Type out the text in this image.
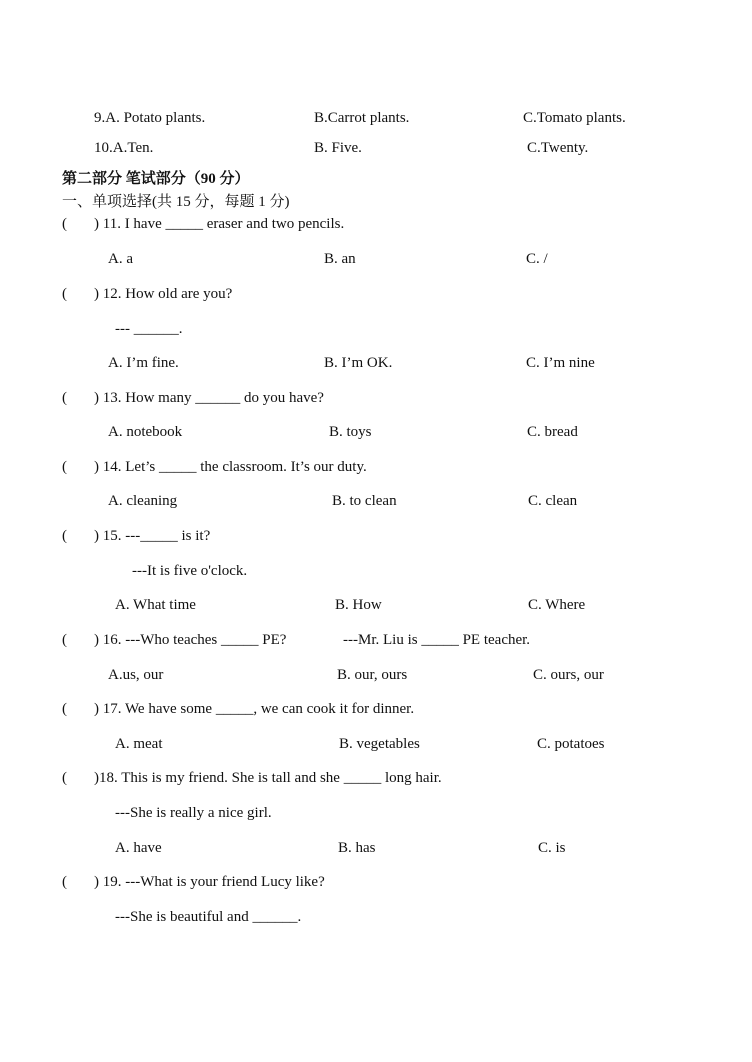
9.A. Potato plants.	B.Carrot plants.	C.Tomato plants.
10.A.Ten.	B. Five.	C.Twenty.
第二部分 笔试部分（90 分）
一、单项选择(共 15 分，每题 1 分)
( ) 11. I have _____ eraser and two pencils.
A. a	B. an	C. /
( ) 12. How old are you?
--- ______.
A. I’m fine.	B. I’m OK.	C. I’m nine
( ) 13. How many ______ do you have?
A. notebook	B. toys	C. bread
( ) 14. Let’s _____ the classroom. It’s our duty.
A. cleaning	B. to clean	C. clean
( ) 15. ---_____ is it?
---It is five o'clock.
A. What time	B. How	C. Where
( ) 16. ---Who teaches _____ PE?	---Mr. Liu is _____ PE teacher.
A.us, our	B. our, ours	C. ours, our
( ) 17. We have some _____, we can cook it for dinner.
A. meat	B. vegetables	C. potatoes
( )18. This is my friend. She is tall and she _____ long hair.
---She is really a nice girl.
A. have	B. has	C. is
( ) 19. ---What is your friend Lucy like?
---She is beautiful and ______.
